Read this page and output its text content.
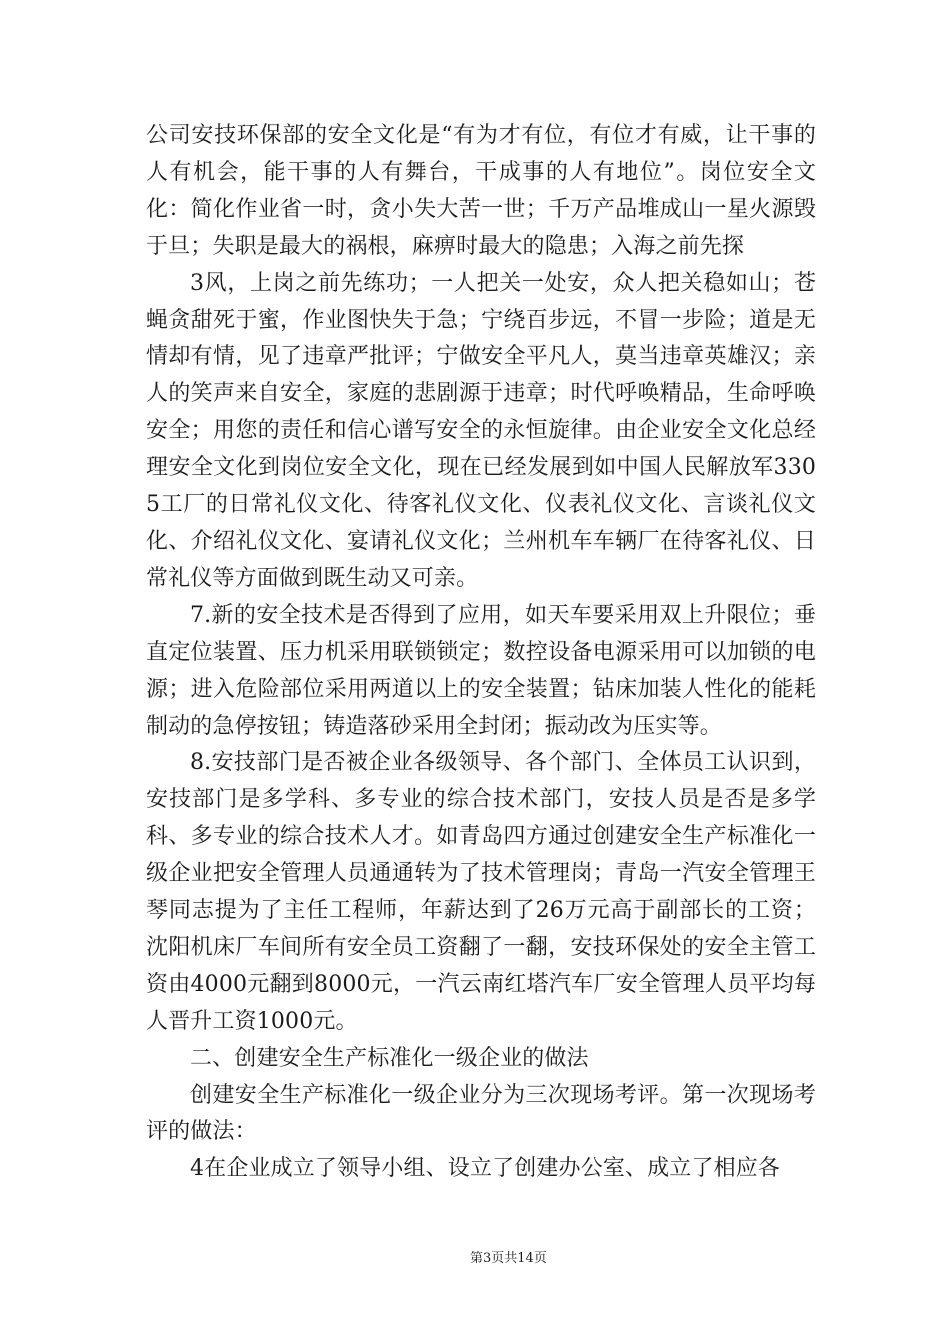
公司安技环保部的安全文化是“有为才有位，有位才有威，让干事的人有机会，能干事的人有舞台，干成事的人有地位”。岗位安全文化：简化作业省一时，贪小失大苦一世；千万产品堆成山一星火源毁于旦；失职是最大的祸根，麻痹时最大的隐患；入海之前先探

3风，上岗之前先练功；一人把关一处安，众人把关稳如山；苍蝇贪甜死于蜜，作业图快失于急；宁绕百步远，不冒一步险；道是无情却有情，见了违章严批评；宁做安全平凡人，莫当违章英雄汉；亲人的笑声来自安全，家庭的悲剧源于违章；时代呼唤精品，生命呼唤安全；用您的责任和信心谱写安全的永恒旋律。由企业安全文化总经理安全文化到岗位安全文化，现在已经发展到如中国人民解放军3305工厂的日常礼仪文化、待客礼仪文化、仪表礼仪文化、言谈礼仪文化、介绍礼仪文化、宴请礼仪文化；兰州机车车辆厂在待客礼仪、日常礼仪等方面做到既生动又可亲。

7.新的安全技术是否得到了应用，如天车要采用双上升限位；垂直定位装置、压力机采用联锁锁定；数控设备电源采用可以加锁的电源；进入危险部位采用两道以上的安全装置；钻床加装人性化的能耗制动的急停按钮；铸造落砂采用全封闭；振动改为压实等。

8.安技部门是否被企业各级领导、各个部门、全体员工认识到，安技部门是多学科、多专业的综合技术部门，安技人员是否是多学科、多专业的综合技术人才。如青岛四方通过创建安全生产标准化一级企业把安全管理人员通通转为了技术管理岗；青岛一汽安全管理王琴同志提为了主任工程师，年薪达到了26万元高于副部长的工资；沈阳机床厂车间所有安全员工资翻了一翻，安技环保处的安全主管工资由4000元翻到8000元，一汽云南红塔汽车厂安全管理人员平均每人晋升工资1000元。

二、创建安全生产标准化一级企业的做法

创建安全生产标准化一级企业分为三次现场考评。第一次现场考评的做法：

4在企业成立了领导小组、设立了创建办公室、成立了相应各

第3页共14页
